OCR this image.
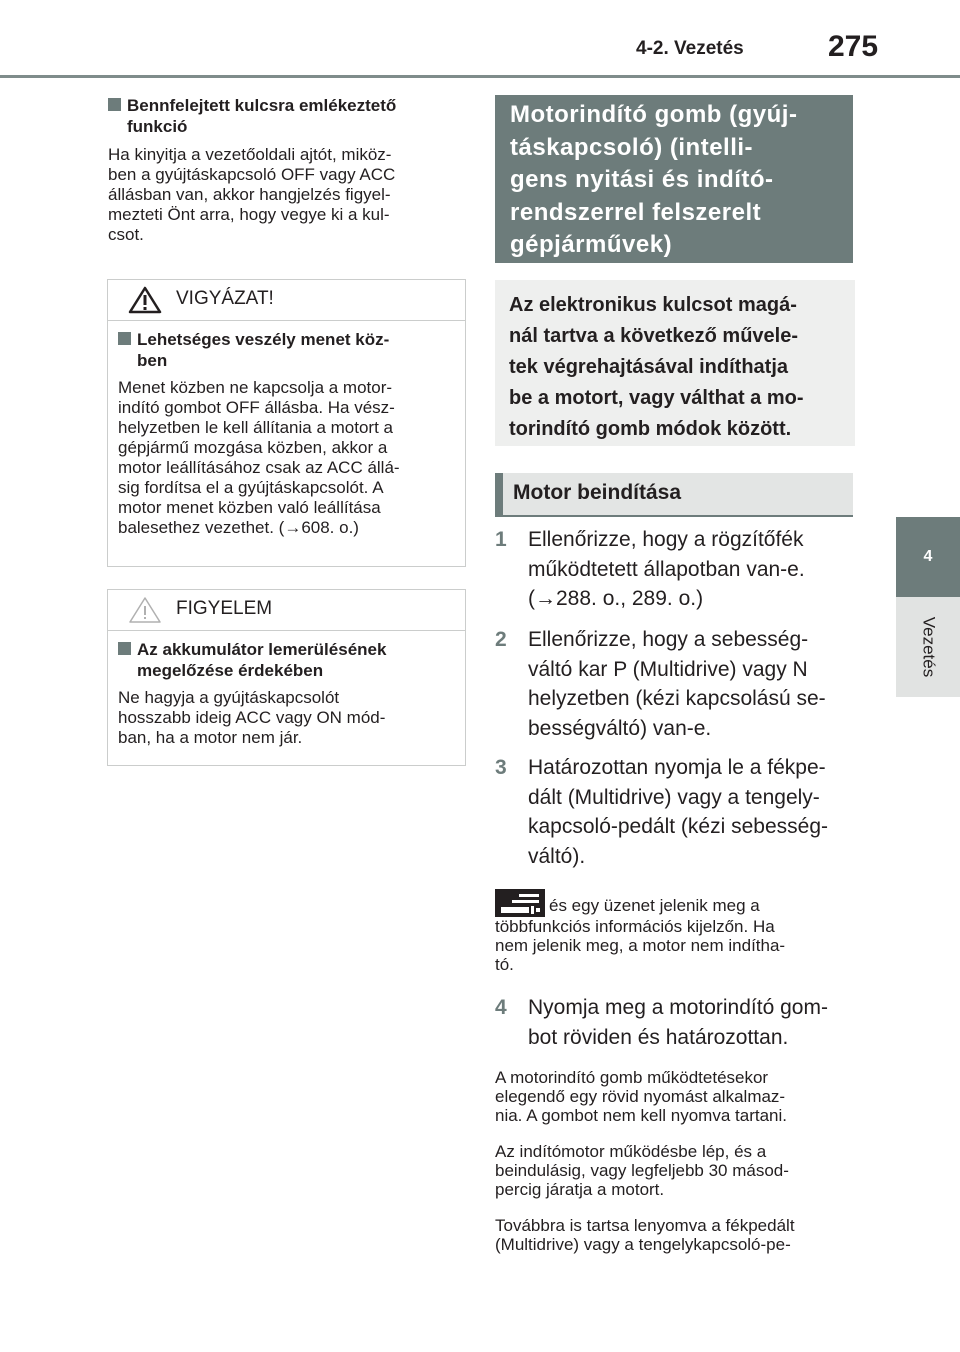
4-2. Vezetés	275
4
Vezetés
Bennfelejtett kulcsra emlékeztető funkció
Ha kinyitja a vezetőoldali ajtót, miköz-
ben a gyújtáskapcsoló OFF vagy ACC
állásban van, akkor hangjelzés figyel-
mezteti Önt arra, hogy vegye ki a kul-
csot.
VIGYÁZAT!
Lehetséges veszély menet köz-
ben
Menet közben ne kapcsolja a motor-
indító gombot OFF állásba. Ha vész-
helyzetben le kell állítania a motort a
gépjármű mozgása közben, akkor a
motor leállításához csak az ACC állá-
sig fordítsa el a gyújtáskapcsolót. A
motor menet közben való leállítása
balesethez vezethet. (→608. o.)
FIGYELEM
Az akkumulátor lemerülésének
megelőzése érdekében
Ne hagyja a gyújtáskapcsolót
hosszabb ideig ACC vagy ON mód-
ban, ha a motor nem jár.
Motorindító gomb (gyúj-
táskapcsoló) (intelli-
gens nyitási és indító-
rendszerrel felszerelt
gépjárművek)
Az elektronikus kulcsot magá-
nál tartva a következő művele-
tek végrehajtásával indíthatja
be a motort, vagy válthat a mo-
torindító gomb módok között.
Motor beindítása
1 Ellenőrizze, hogy a rögzítőfék
működtetett állapotban van-e.
(→288. o., 289. o.)
2 Ellenőrizze, hogy a sebesség-
váltó kar P (Multidrive) vagy N
helyzetben (kézi kapcsolású se-
bességváltó) van-e.
3 Határozottan nyomja le a fékpe-
dált (Multidrive) vagy a tengely-
kapcsoló-pedált (kézi sebesség-
váltó).
és egy üzenet jelenik meg a
többfunkciós információs kijelzőn. Ha
nem jelenik meg, a motor nem indítha-
tó.
4 Nyomja meg a motorindító gom-
bot röviden és határozottan.
A motorindító gomb működtetésekor
elegendő egy rövid nyomást alkalmaz-
nia. A gombot nem kell nyomva tartani.
Az indítómotor működésbe lép, és a
beindulásig, vagy legfeljebb 30 másod-
percig járatja a motort.
Továbbra is tartsa lenyomva a fékpedált
(Multidrive) vagy a tengelykapcsoló-pe-
